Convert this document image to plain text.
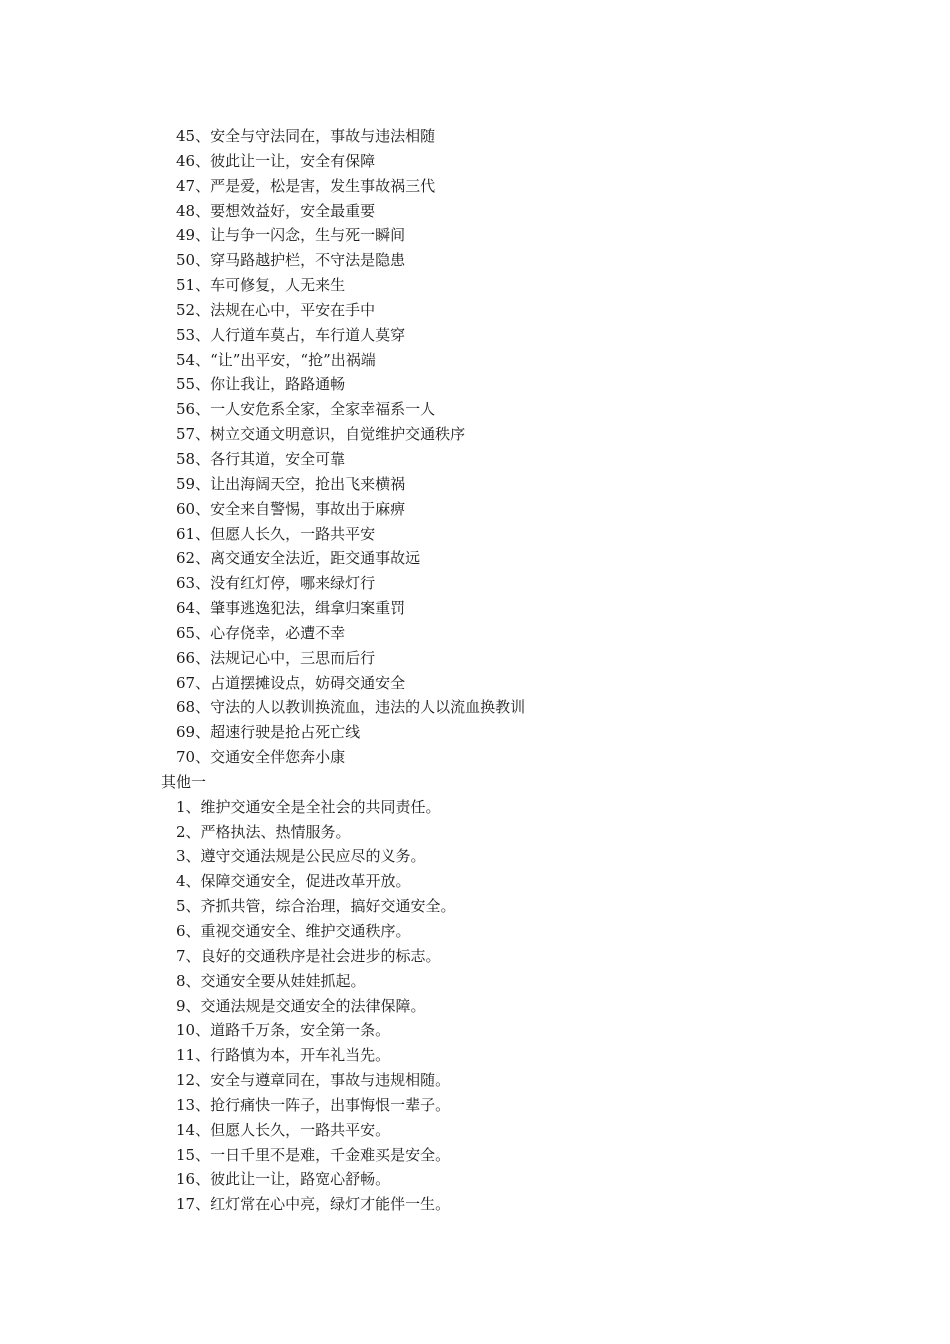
45、安全与守法同在，事故与违法相随
46、彼此让一让，安全有保障
47、严是爱，松是害，发生事故祸三代
48、要想效益好，安全最重要
49、让与争一闪念，生与死一瞬间
50、穿马路越护栏，不守法是隐患
51、车可修复，人无来生
52、法规在心中，平安在手中
53、人行道车莫占，车行道人莫穿
54、“让”出平安，“抢”出祸端
55、你让我让，路路通畅
56、一人安危系全家，全家幸福系一人
57、树立交通文明意识，自觉维护交通秩序
58、各行其道，安全可靠
59、让出海阔天空，抢出飞来横祸
60、安全来自警惕，事故出于麻痹
61、但愿人长久，一路共平安
62、离交通安全法近，距交通事故远
63、没有红灯停，哪来绿灯行
64、肇事逃逸犯法，缉拿归案重罚
65、心存侥幸，必遭不幸
66、法规记心中，三思而后行
67、占道摆摊设点，妨碍交通安全
68、守法的人以教训换流血，违法的人以流血换教训
69、超速行驶是抢占死亡线
70、交通安全伴您奔小康
其他一
1、维护交通安全是全社会的共同责任。
2、严格执法、热情服务。
3、遵守交通法规是公民应尽的义务。
4、保障交通安全，促进改革开放。
5、齐抓共管，综合治理，搞好交通安全。
6、重视交通安全、维护交通秩序。
7、良好的交通秩序是社会进步的标志。
8、交通安全要从娃娃抓起。
9、交通法规是交通安全的法律保障。
10、道路千万条，安全第一条。
11、行路慎为本，开车礼当先。
12、安全与遵章同在，事故与违规相随。
13、抢行痛快一阵子，出事悔恨一辈子。
14、但愿人长久，一路共平安。
15、一日千里不是难，千金难买是安全。
16、彼此让一让，路宽心舒畅。
17、红灯常在心中亮，绿灯才能伴一生。
